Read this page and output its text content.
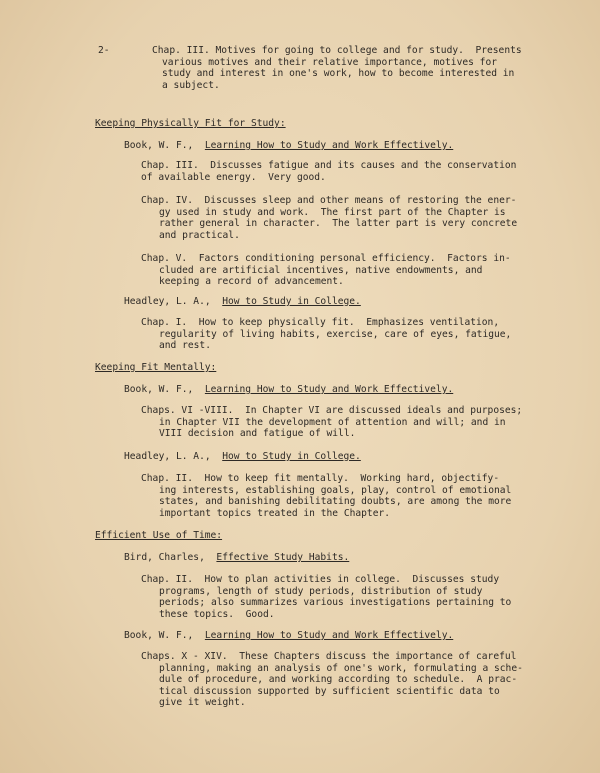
2-	Chap. III. Motives for going to college and for study.  Presents
various motives and their relative importance, motives for
study and interest in one's work, how to become interested in
a subject.
Keeping Physically Fit for Study:
Book, W. F.,  Learning How to Study and Work Effectively.
Chap. III.  Discusses fatigue and its causes and the conservation
of available energy.  Very good.
Chap. IV.  Discusses sleep and other means of restoring the ener-
gy used in study and work.  The first part of the Chapter is
rather general in character.  The latter part is very concrete
and practical.
Chap. V.  Factors conditioning personal efficiency.  Factors in-
cluded are artificial incentives, native endowments, and
keeping a record of advancement.
Headley, L. A.,  How to Study in College.
Chap. I.  How to keep physically fit.  Emphasizes ventilation,
regularity of living habits, exercise, care of eyes, fatigue,
and rest.
Keeping Fit Mentally:
Book, W. F.,  Learning How to Study and Work Effectively.
Chaps. VI -VIII.  In Chapter VI are discussed ideals and purposes;
in Chapter VII the development of attention and will; and in
VIII decision and fatigue of will.
Headley, L. A.,  How to Study in College.
Chap. II.  How to keep fit mentally.  Working hard, objectify-
ing interests, establishing goals, play, control of emotional
states, and banishing debilitating doubts, are among the more
important topics treated in the Chapter.
Efficient Use of Time:
Bird, Charles,  Effective Study Habits.
Chap. II.  How to plan activities in college.  Discusses study
programs, length of study periods, distribution of study
periods; also summarizes various investigations pertaining to
these topics.  Good.
Book, W. F.,  Learning How to Study and Work Effectively.
Chaps. X - XIV.  These Chapters discuss the importance of careful
planning, making an analysis of one's work, formulating a sche-
dule of procedure, and working according to schedule.  A prac-
tical discussion supported by sufficient scientific data to
give it weight.
